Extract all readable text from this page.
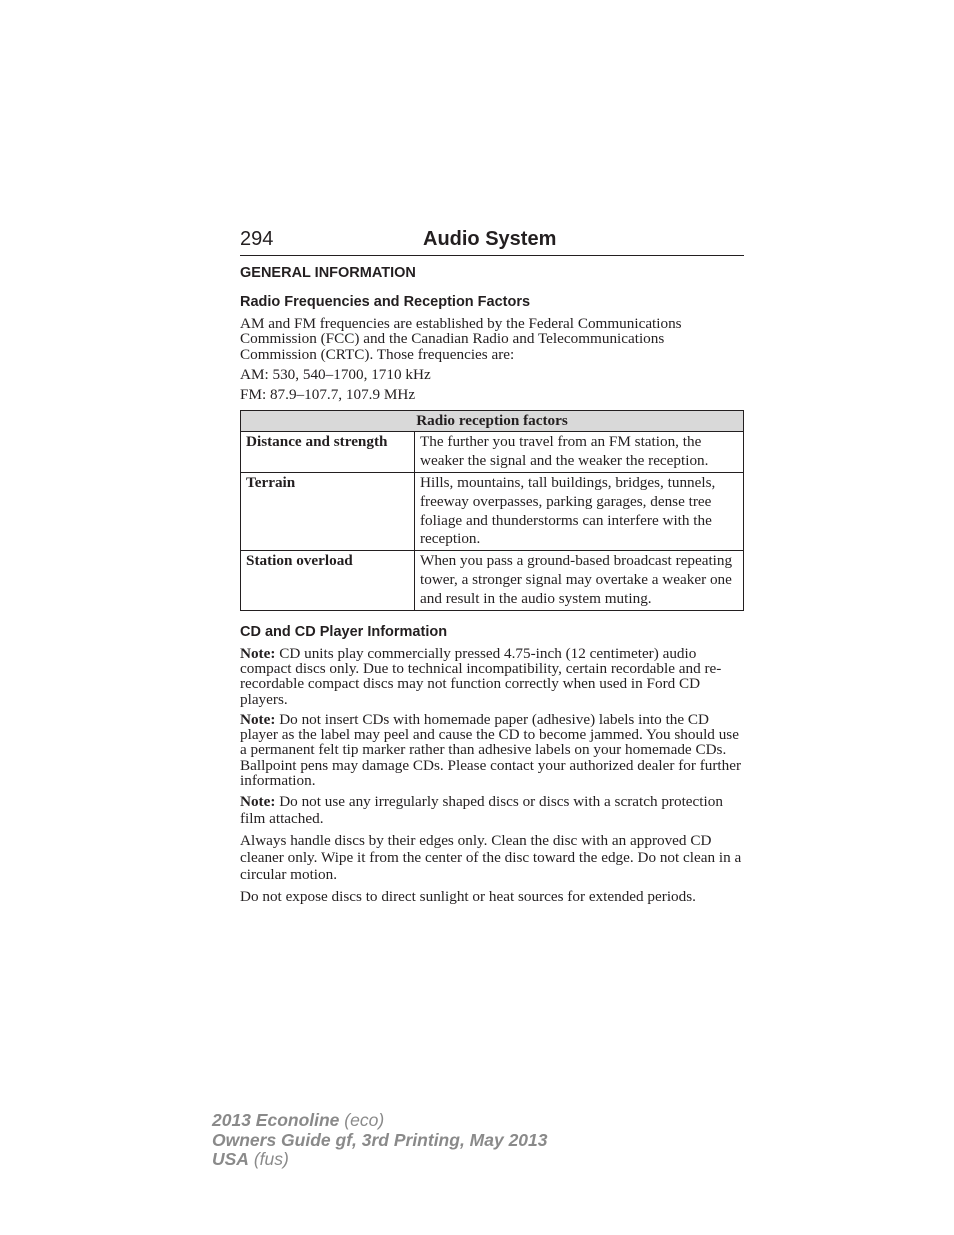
294	Audio System
GENERAL INFORMATION
Radio Frequencies and Reception Factors

AM and FM frequencies are established by the Federal Communications Commission (FCC) and the Canadian Radio and Telecommunications Commission (CRTC). Those frequencies are:

AM: 530, 540–1700, 1710 kHz

FM: 87.9–107.7, 107.9 MHz

Radio reception factors	
Distance and strength	The further you travel from an FM station, the weaker the signal and the weaker the reception.
Terrain	Hills, mountains, tall buildings, bridges, tunnels, freeway overpasses, parking garages, dense tree foliage and thunderstorms can interfere with the reception.
Station overload	When you pass a ground-based broadcast repeating tower, a stronger signal may overtake a weaker one and result in the audio system muting.
CD and CD Player Information

Note: CD units play commercially pressed 4.75-inch (12 centimeter) audio compact discs only. Due to technical incompatibility, certain recordable and re-recordable compact discs may not function correctly when used in Ford CD players.

Note: Do not insert CDs with homemade paper (adhesive) labels into the CD player as the label may peel and cause the CD to become jammed. You should use a permanent felt tip marker rather than adhesive labels on your homemade CDs. Ballpoint pens may damage CDs. Please contact your authorized dealer for further information.

Note: Do not use any irregularly shaped discs or discs with a scratch protection film attached.

Always handle discs by their edges only. Clean the disc with an approved CD cleaner only. Wipe it from the center of the disc toward the edge. Do not clean in a circular motion.

Do not expose discs to direct sunlight or heat sources for extended periods.

2013 Econoline (eco)
Owners Guide gf, 3rd Printing, May 2013
USA (fus)
